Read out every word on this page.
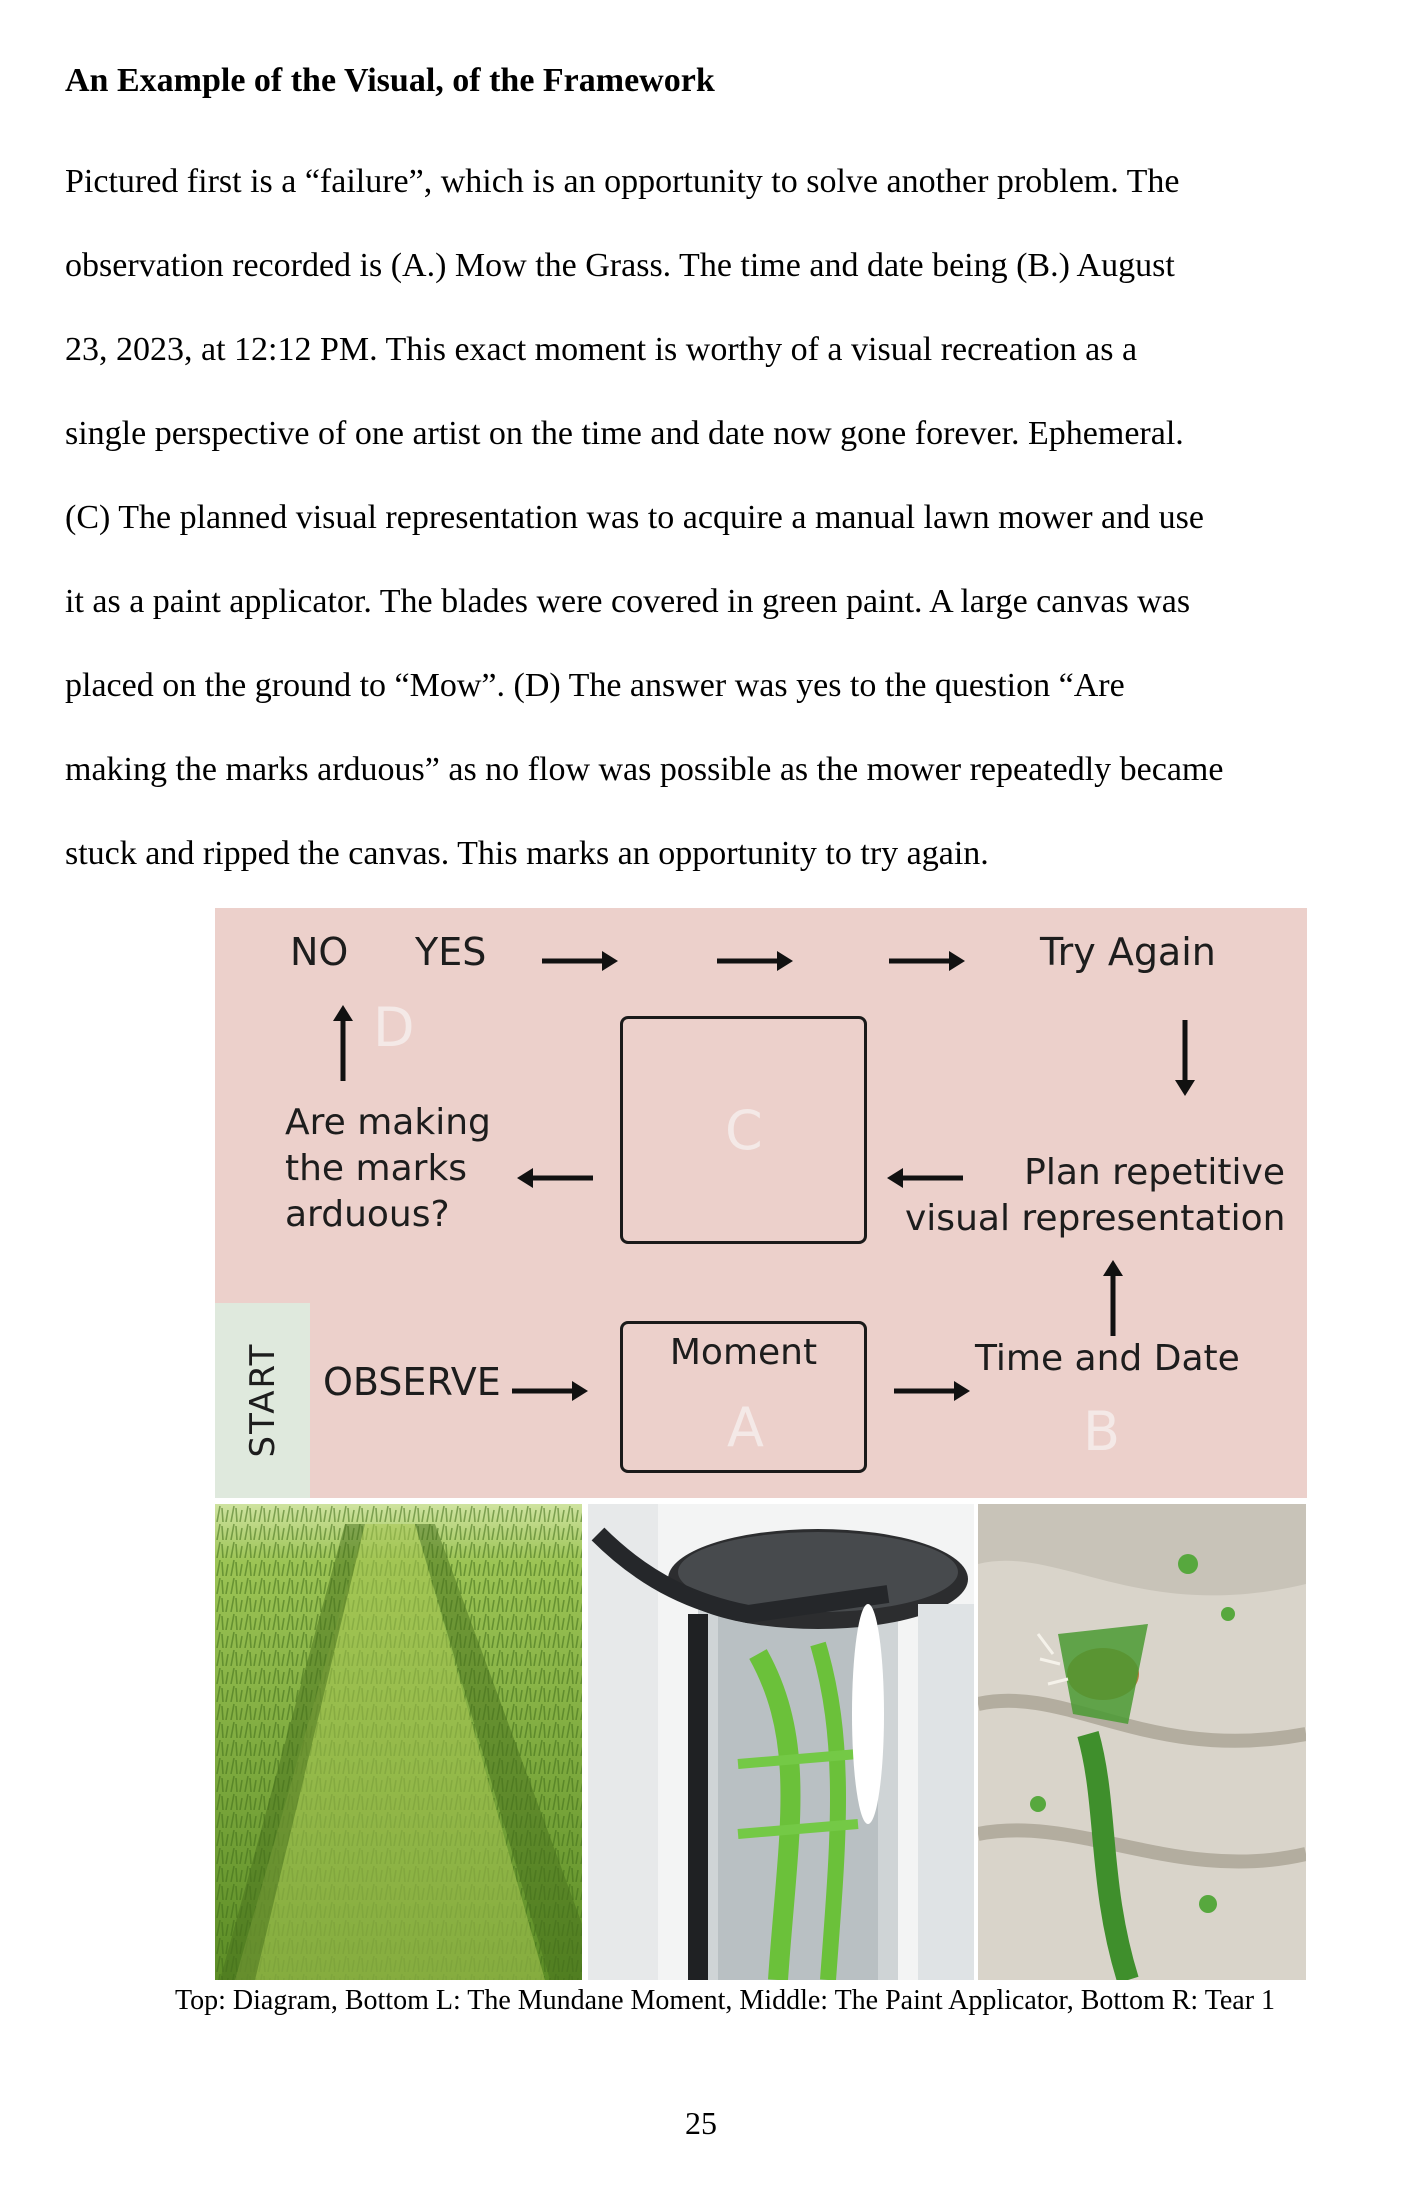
An Example of the Visual, of the Framework
Pictured first is a “failure”, which is an opportunity to solve another problem. The
observation recorded is (A.) Mow the Grass. The time and date being (B.) August
23, 2023, at 12:12 PM. This exact moment is worthy of a visual recreation as a
single perspective of one artist on the time and date now gone forever. Ephemeral.
(C) The planned visual representation was to acquire a manual lawn mower and use
it as a paint applicator. The blades were covered in green paint. A large canvas was
placed on the ground to “Mow”. (D) The answer was yes to the question “Are
making the marks arduous” as no flow was possible as the mower repeatedly became
stuck and ripped the canvas. This marks an opportunity to try again.
NO YES	Try Again
D
Are making
the marks
arduous?
C
Plan repetitive
visual representation
START OBSERVE
Moment
A
Time and Date
B
Top: Diagram, Bottom L: The Mundane Moment, Middle: The Paint Applicator, Bottom R: Tear 1
25
